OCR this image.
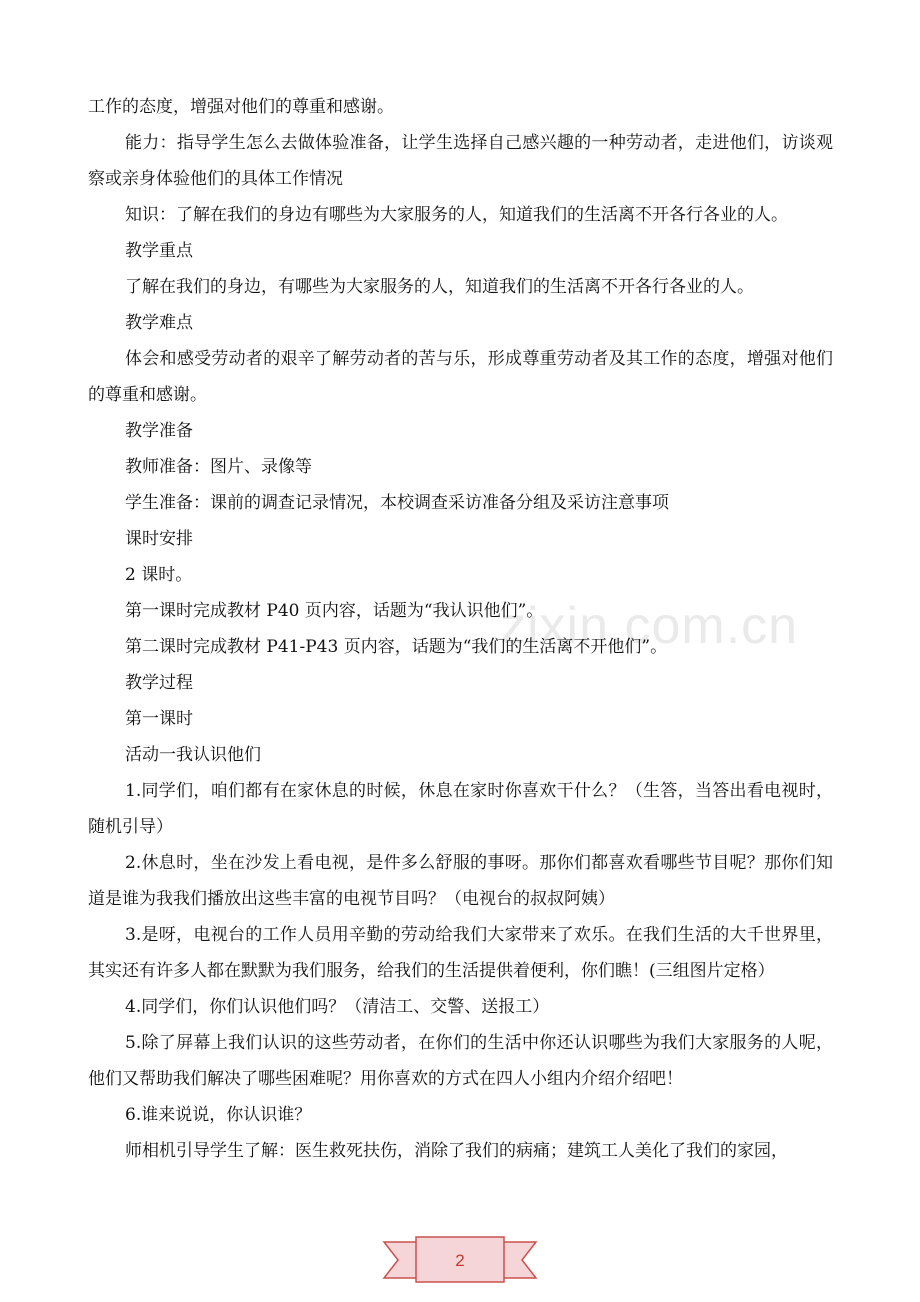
zixin.com.cn
工作的态度，增强对他们的尊重和感谢。
能力：指导学生怎么去做体验准备，让学生选择自己感兴趣的一种劳动者，走进他们，访谈观察或亲身体验他们的具体工作情况
知识：了解在我们的身边有哪些为大家服务的人，知道我们的生活离不开各行各业的人。
教学重点
了解在我们的身边，有哪些为大家服务的人，知道我们的生活离不开各行各业的人。
教学难点
体会和感受劳动者的艰辛了解劳动者的苦与乐，形成尊重劳动者及其工作的态度，增强对他们的尊重和感谢。
教学准备
教师准备：图片、录像等
学生准备：课前的调查记录情况，本校调查采访准备分组及采访注意事项
课时安排
2 课时。
第一课时完成教材 P40 页内容，话题为“我认识他们”。
第二课时完成教材 P41-P43 页内容，话题为“我们的生活离不开他们”。
教学过程
第一课时
活动一我认识他们
1.同学们，咱们都有在家休息的时候，休息在家时你喜欢干什么？（生答，当答出看电视时，随机引导）
2.休息时，坐在沙发上看电视，是件多么舒服的事呀。那你们都喜欢看哪些节目呢？那你们知道是谁为我我们播放出这些丰富的电视节目吗？（电视台的叔叔阿姨）
3.是呀，电视台的工作人员用辛勤的劳动给我们大家带来了欢乐。在我们生活的大千世界里，其实还有许多人都在默默为我们服务，给我们的生活提供着便利，你们瞧！(三组图片定格）
4.同学们，你们认识他们吗？（清洁工、交警、送报工）
5.除了屏幕上我们认识的这些劳动者，在你们的生活中你还认识哪些为我们大家服务的人呢，他们又帮助我们解决了哪些困难呢？用你喜欢的方式在四人小组内介绍介绍吧！
6.谁来说说，你认识谁？
师相机引导学生了解：医生救死扶伤，消除了我们的病痛；建筑工人美化了我们的家园，
2
